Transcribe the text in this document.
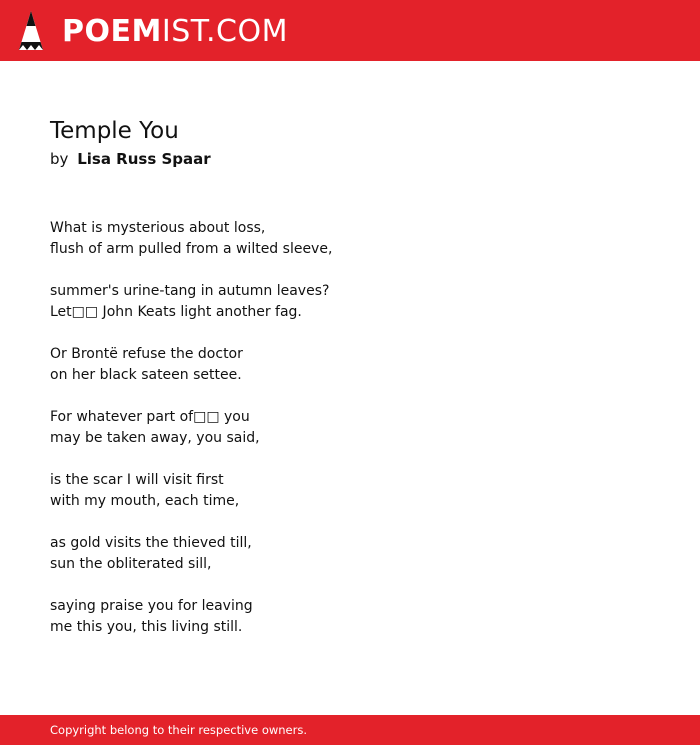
POEMIST.COM
Temple You
by Lisa Russ Spaar
What is mysterious about loss,
flush of arm pulled from a wilted sleeve,
summer's urine-tang in autumn leaves?
Let□□ John Keats light another fag.
Or Brontë refuse the doctor
on her black sateen settee.
For whatever part of□□ you
may be taken away, you said,
is the scar I will visit first
with my mouth, each time,
as gold visits the thieved till,
sun the obliterated sill,
saying praise you for leaving
me this you, this living still.
Copyright belong to their respective owners.
